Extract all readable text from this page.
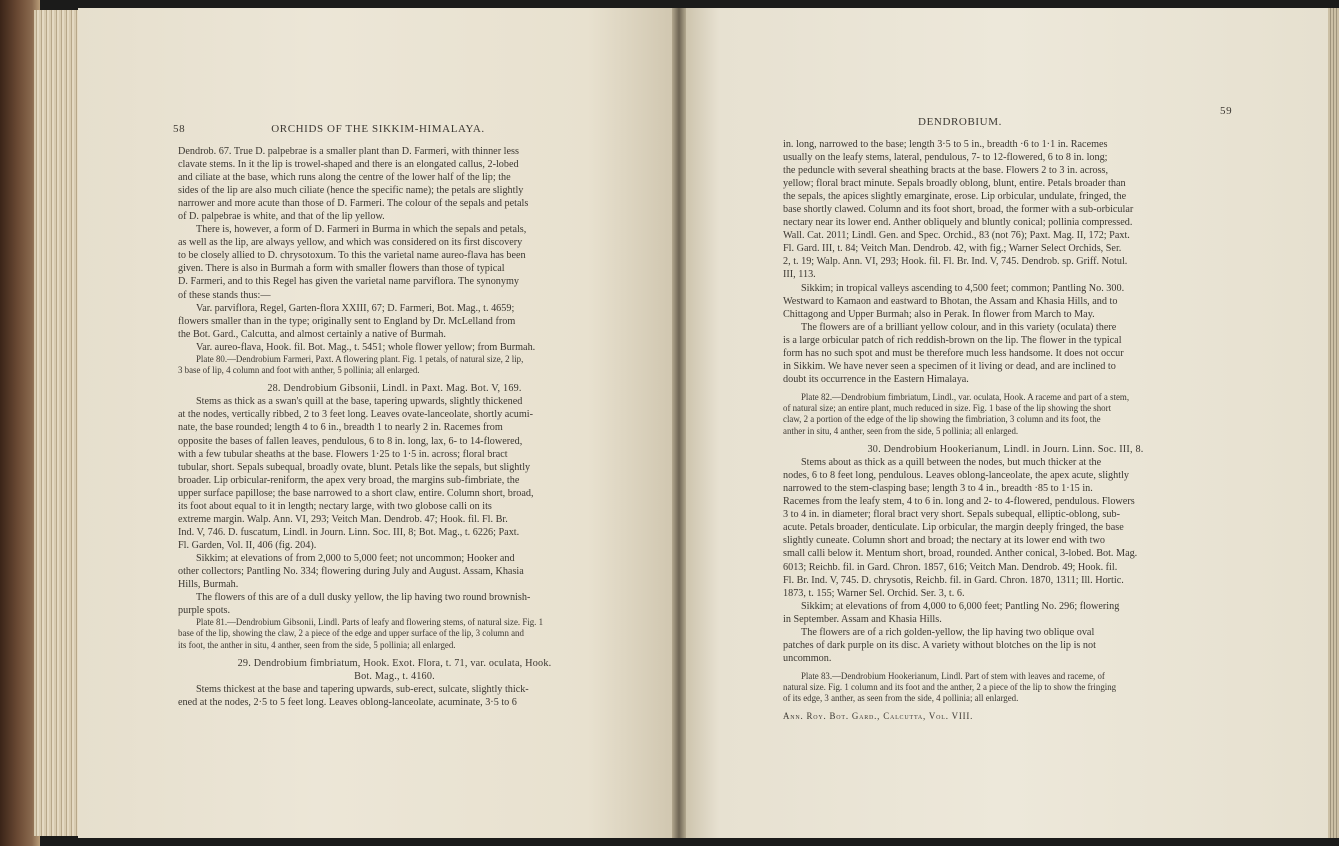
58	ORCHIDS OF THE SIKKIM-HIMALAYA.

Dendrob. 67. True D. palpebrae is a smaller plant than D. Farmeri, with thinner less

clavate stems. In it the lip is trowel-shaped and there is an elongated callus, 2-lobed

and ciliate at the base, which runs along the centre of the lower half of the lip; the

sides of the lip are also much ciliate (hence the specific name); the petals are slightly

narrower and more acute than those of D. Farmeri. The colour of the sepals and petals

of D. palpebrae is white, and that of the lip yellow.

There is, however, a form of D. Farmeri in Burma in which the sepals and petals,

as well as the lip, are always yellow, and which was considered on its first discovery

to be closely allied to D. chrysotoxum. To this the varietal name aureo-flava has been

given. There is also in Burmah a form with smaller flowers than those of typical

D. Farmeri, and to this Regel has given the varietal name parviflora. The synonymy

of these stands thus:—

Var. parviflora, Regel, Garten-flora XXIII, 67; D. Farmeri, Bot. Mag., t. 4659;

flowers smaller than in the type; originally sent to England by Dr. McLelland from

the Bot. Gard., Calcutta, and almost certainly a native of Burmah.

Var. aureo-flava, Hook. fil. Bot. Mag., t. 5451; whole flower yellow; from Burmah.

Plate 80.—Dendrobium Farmeri, Paxt. A flowering plant. Fig. 1 petals, of natural size, 2 lip,

3 base of lip, 4 column and foot with anther, 5 pollinia; all enlarged.

28. Dendrobium Gibsonii, Lindl. in Paxt. Mag. Bot. V, 169.

Stems as thick as a swan's quill at the base, tapering upwards, slightly thickened

at the nodes, vertically ribbed, 2 to 3 feet long. Leaves ovate-lanceolate, shortly acumi-

nate, the base rounded; length 4 to 6 in., breadth 1 to nearly 2 in. Racemes from

opposite the bases of fallen leaves, pendulous, 6 to 8 in. long, lax, 6- to 14-flowered,

with a few tubular sheaths at the base. Flowers 1·25 to 1·5 in. across; floral bract

tubular, short. Sepals subequal, broadly ovate, blunt. Petals like the sepals, but slightly

broader. Lip orbicular-reniform, the apex very broad, the margins sub-fimbriate, the

upper surface papillose; the base narrowed to a short claw, entire. Column short, broad,

its foot about equal to it in length; nectary large, with two globose calli on its

extreme margin. Walp. Ann. VI, 293; Veitch Man. Dendrob. 47; Hook. fil. Fl. Br.

Ind. V, 746. D. fuscatum, Lindl. in Journ. Linn. Soc. III, 8; Bot. Mag., t. 6226; Paxt.

Fl. Garden, Vol. II, 406 (fig. 204).

Sikkim; at elevations of from 2,000 to 5,000 feet; not uncommon; Hooker and

other collectors; Pantling No. 334; flowering during July and August. Assam, Khasia

Hills, Burmah.

The flowers of this are of a dull dusky yellow, the lip having two round brownish-

purple spots.

Plate 81.—Dendrobium Gibsonii, Lindl. Parts of leafy and flowering stems, of natural size. Fig. 1

base of the lip, showing the claw, 2 a piece of the edge and upper surface of the lip, 3 column and

its foot, the anther in situ, 4 anther, seen from the side, 5 pollinia; all enlarged.

29. Dendrobium fimbriatum, Hook. Exot. Flora, t. 71, var. oculata, Hook.

Bot. Mag., t. 4160.

Stems thickest at the base and tapering upwards, sub-erect, sulcate, slightly thick-

ened at the nodes, 2·5 to 5 feet long. Leaves oblong-lanceolate, acuminate, 3·5 to 6

DENDROBIUM.
59

in. long, narrowed to the base; length 3·5 to 5 in., breadth ·6 to 1·1 in. Racemes

usually on the leafy stems, lateral, pendulous, 7- to 12-flowered, 6 to 8 in. long;

the peduncle with several sheathing bracts at the base. Flowers 2 to 3 in. across,

yellow; floral bract minute. Sepals broadly oblong, blunt, entire. Petals broader than

the sepals, the apices slightly emarginate, erose. Lip orbicular, undulate, fringed, the

base shortly clawed. Column and its foot short, broad, the former with a sub-orbicular

nectary near its lower end. Anther obliquely and bluntly conical; pollinia compressed.

Wall. Cat. 2011; Lindl. Gen. and Spec. Orchid., 83 (not 76); Paxt. Mag. II, 172; Paxt.

Fl. Gard. III, t. 84; Veitch Man. Dendrob. 42, with fig.; Warner Select Orchids, Ser.

2, t. 19; Walp. Ann. VI, 293; Hook. fil. Fl. Br. Ind. V, 745. Dendrob. sp. Griff. Notul.

III, 113.

Sikkim; in tropical valleys ascending to 4,500 feet; common; Pantling No. 300.

Westward to Kamaon and eastward to Bhotan, the Assam and Khasia Hills, and to

Chittagong and Upper Burmah; also in Perak. In flower from March to May.

The flowers are of a brilliant yellow colour, and in this variety (oculata) there

is a large orbicular patch of rich reddish-brown on the lip. The flower in the typical

form has no such spot and must be therefore much less handsome. It does not occur

in Sikkim. We have never seen a specimen of it living or dead, and are inclined to

doubt its occurrence in the Eastern Himalaya.

Plate 82.—Dendrobium fimbriatum, Lindl., var. oculata, Hook. A raceme and part of a stem,

of natural size; an entire plant, much reduced in size. Fig. 1 base of the lip showing the short

claw, 2 a portion of the edge of the lip showing the fimbriation, 3 column and its foot, the

anther in situ, 4 anther, seen from the side, 5 pollinia; all enlarged.

30. Dendrobium Hookerianum, Lindl. in Journ. Linn. Soc. III, 8.

Stems about as thick as a quill between the nodes, but much thicker at the

nodes, 6 to 8 feet long, pendulous. Leaves oblong-lanceolate, the apex acute, slightly

narrowed to the stem-clasping base; length 3 to 4 in., breadth ·85 to 1·15 in.

Racemes from the leafy stem, 4 to 6 in. long and 2- to 4-flowered, pendulous. Flowers

3 to 4 in. in diameter; floral bract very short. Sepals subequal, elliptic-oblong, sub-

acute. Petals broader, denticulate. Lip orbicular, the margin deeply fringed, the base

slightly cuneate. Column short and broad; the nectary at its lower end with two

small calli below it. Mentum short, broad, rounded. Anther conical, 3-lobed. Bot. Mag.

6013; Reichb. fil. in Gard. Chron. 1857, 616; Veitch Man. Dendrob. 49; Hook. fil.

Fl. Br. Ind. V, 745. D. chrysotis, Reichb. fil. in Gard. Chron. 1870, 1311; Ill. Hortic.

1873, t. 155; Warner Sel. Orchid. Ser. 3, t. 6.

Sikkim; at elevations of from 4,000 to 6,000 feet; Pantling No. 296; flowering

in September. Assam and Khasia Hills.

The flowers are of a rich golden-yellow, the lip having two oblique oval

patches of dark purple on its disc. A variety without blotches on the lip is not

uncommon.

Plate 83.—Dendrobium Hookerianum, Lindl. Part of stem with leaves and raceme, of

natural size. Fig. 1 column and its foot and the anther, 2 a piece of the lip to show the fringing

of its edge, 3 anther, as seen from the side, 4 pollinia; all enlarged.

Ann. Roy. Bot. Gard., Calcutta, Vol. VIII.
